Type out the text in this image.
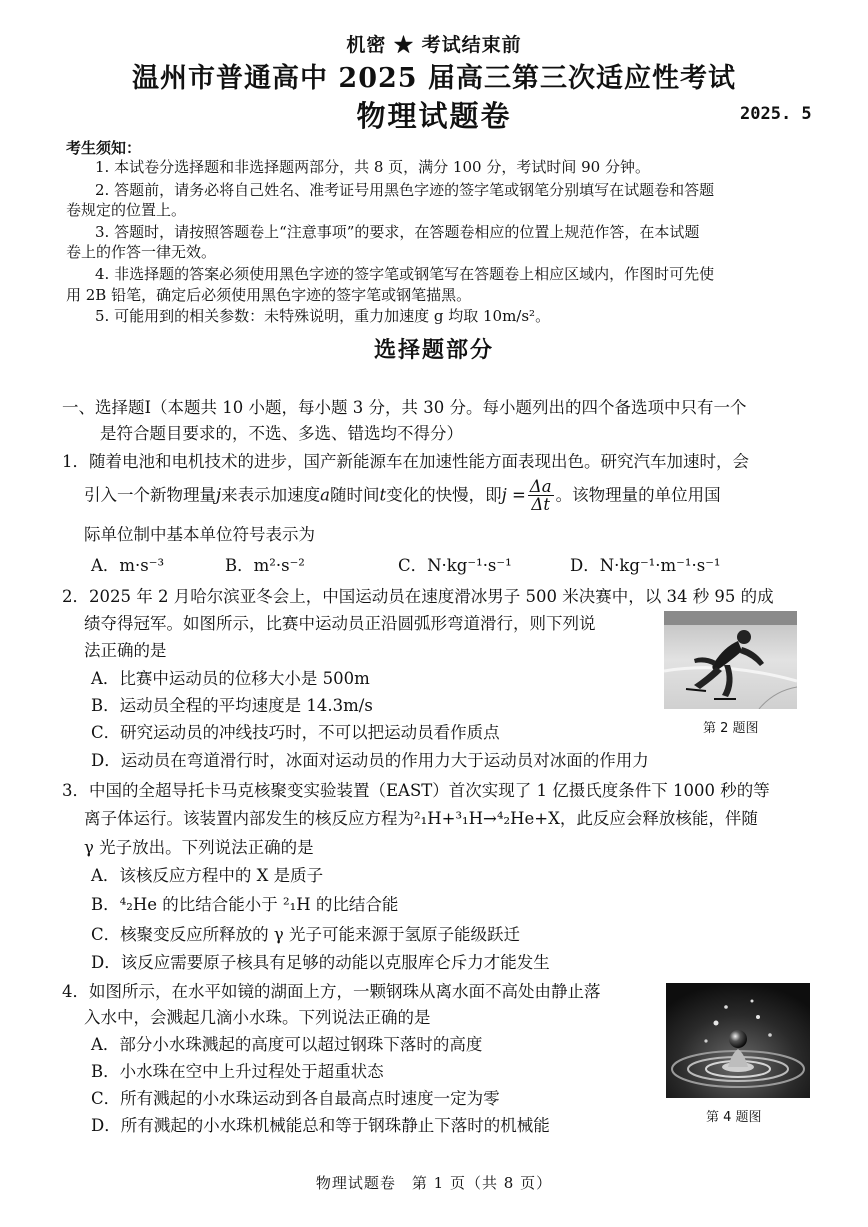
机密 ★ 考试结束前
温州市普通高中 2025 届高三第三次适应性考试
物理试题卷	2025. 5
考生须知：
1. 本试卷分选择题和非选择题两部分，共 8 页，满分 100 分，考试时间 90 分钟。
2. 答题前，请务必将自己姓名、准考证号用黑色字迹的签字笔或钢笔分别填写在试题卷和答题
卷规定的位置上。
3. 答题时，请按照答题卷上“注意事项”的要求，在答题卷相应的位置上规范作答，在本试题
卷上的作答一律无效。
4. 非选择题的答案必须使用黑色字迹的签字笔或钢笔写在答题卷上相应区域内，作图时可先使
用 2B 铅笔，确定后必须使用黑色字迹的签字笔或钢笔描黑。
5. 可能用到的相关参数：未特殊说明，重力加速度 g 均取 10m/s²。
选择题部分
一、选择题Ⅰ（本题共 10 小题，每小题 3 分，共 30 分。每小题列出的四个备选项中只有一个
是符合题目要求的，不选、多选、错选均不得分）
1．随着电池和电机技术的进步，国产新能源车在加速性能方面表现出色。研究汽车加速时，会
引入一个新物理量j来表示加速度a随时间t变化的快慢，即$j = \frac{\Delta a}{\Delta t}$ 。该物理量的单位用国
际单位制中基本单位符号表示为
A．m·s⁻³	B．m²·s⁻²	C．N·kg⁻¹·s⁻¹	D．N·kg⁻¹·m⁻¹·s⁻¹
2．2025 年 2 月哈尔滨亚冬会上，中国运动员在速度滑冰男子 500 米决赛中，以 34 秒 95 的成
绩夺得冠军。如图所示，比赛中运动员正沿圆弧形弯道滑行，则下列说
法正确的是
A．比赛中运动员的位移大小是 500m
B．运动员全程的平均速度是 14.3m/s
C．研究运动员的冲线技巧时，不可以把运动员看作质点
D．运动员在弯道滑行时，冰面对运动员的作用力大于运动员对冰面的作用力
第 2 题图
3．中国的全超导托卡马克核聚变实验装置（EAST）首次实现了 1 亿摄氏度条件下 1000 秒的等
离子体运行。该装置内部发生的核反应方程为²₁H+³₁H→⁴₂He+X，此反应会释放核能，伴随
γ 光子放出。下列说法正确的是
A．该核反应方程中的 X 是质子
B．⁴₂He 的比结合能小于 ²₁H 的比结合能
C．核聚变反应所释放的 γ 光子可能来源于氢原子能级跃迁
D．该反应需要原子核具有足够的动能以克服库仑斥力才能发生
4．如图所示，在水平如镜的湖面上方，一颗钢珠从离水面不高处由静止落
入水中，会溅起几滴小水珠。下列说法正确的是
A．部分小水珠溅起的高度可以超过钢珠下落时的高度
B．小水珠在空中上升过程处于超重状态
C．所有溅起的小水珠运动到各自最高点时速度一定为零
D．所有溅起的小水珠机械能总和等于钢珠静止下落时的机械能	第 4 题图
物理试题卷　第 1 页（共 8 页）
